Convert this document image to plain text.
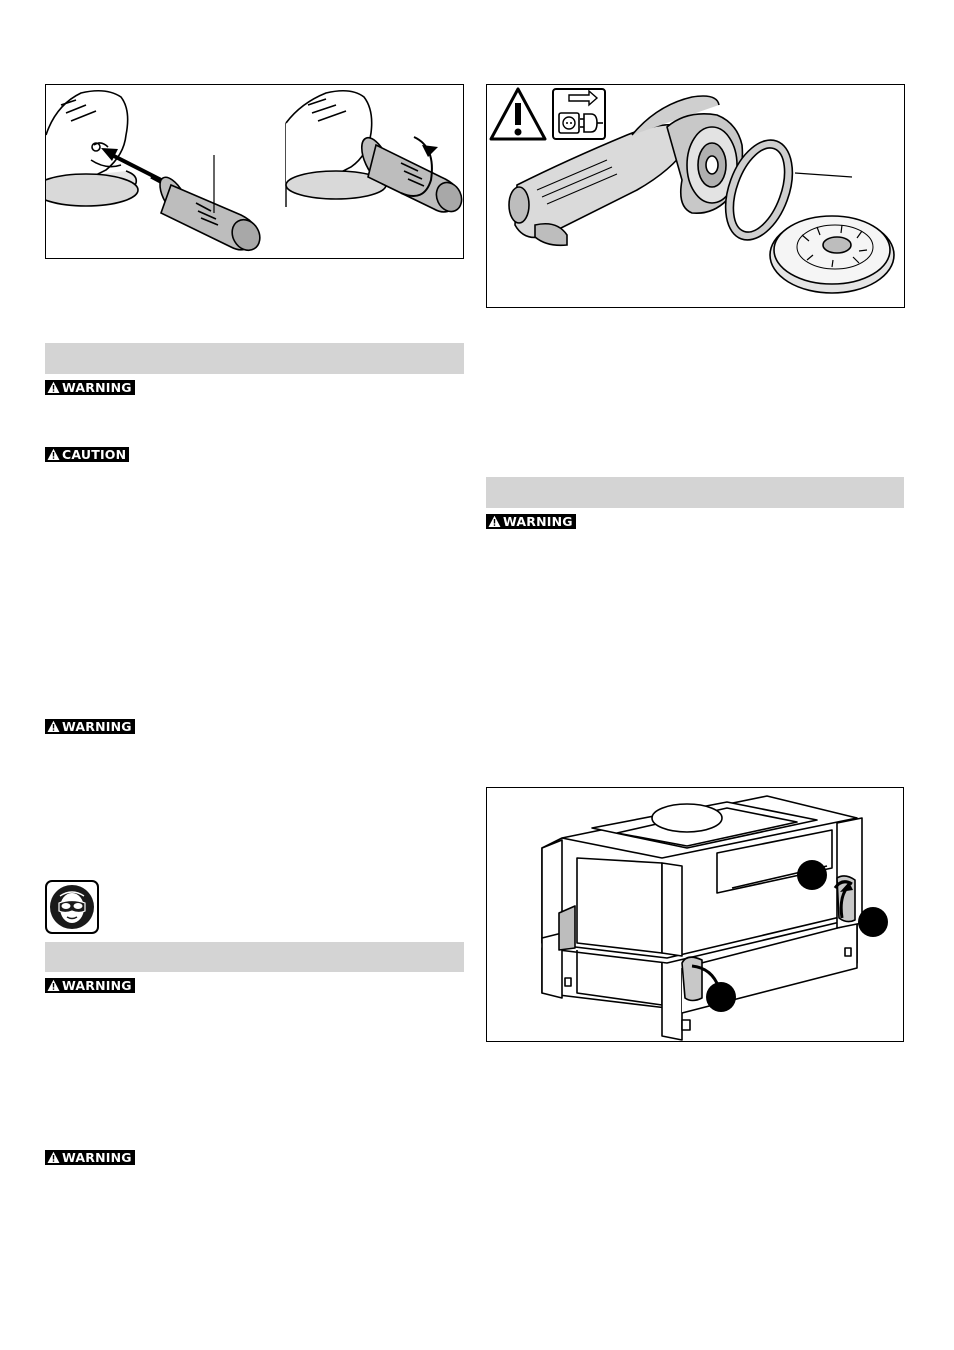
WARNING
CAUTION
WARNING
WARNING
WARNING
WARNING
1
2
3
